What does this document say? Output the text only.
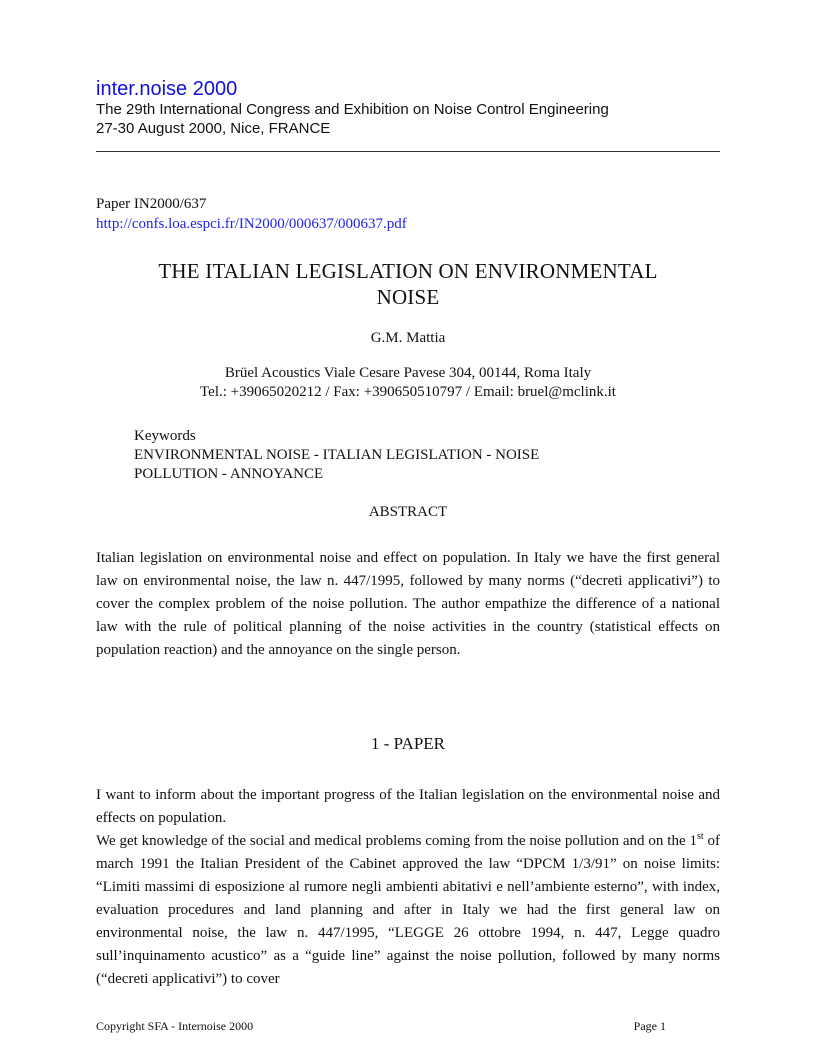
inter.noise 2000
The 29th International Congress and Exhibition on Noise Control Engineering
27-30 August 2000, Nice, FRANCE
Paper IN2000/637
http://confs.loa.espci.fr/IN2000/000637/000637.pdf
THE ITALIAN LEGISLATION ON ENVIRONMENTAL
NOISE
G.M. Mattia
Brüel Acoustics Viale Cesare Pavese 304, 00144, Roma Italy
Tel.: +39065020212 / Fax: +390650510797 / Email: bruel@mclink.it
Keywords
ENVIRONMENTAL NOISE - ITALIAN LEGISLATION - NOISE
POLLUTION - ANNOYANCE
ABSTRACT
Italian legislation on environmental noise and effect on population. In Italy we have the first general law on environmental noise, the law n. 447/1995, followed by many norms (“decreti applicativi”) to cover the complex problem of the noise pollution. The author empathize the difference of a national law with the rule of political planning of the noise activities in the country (statistical effects on population reaction) and the annoyance on the single person.
1 - PAPER
I want to inform about the important progress of the Italian legislation on the environmental noise and effects on population.
We get knowledge of the social and medical problems coming from the noise pollution and on the 1st of march 1991 the Italian President of the Cabinet approved the law “DPCM 1/3/91” on noise limits: “Limiti massimi di esposizione al rumore negli ambienti abitativi e nell’ambiente esterno”, with index, evaluation procedures and land planning and after in Italy we had the first general law on environmental noise, the law n. 447/1995, “LEGGE 26 ottobre 1994, n. 447, Legge quadro sull’inquinamento acustico” as a “guide line” against the noise pollution, followed by many norms (“decreti applicativi”) to cover
Copyright SFA - Internoise 2000	Page 1
